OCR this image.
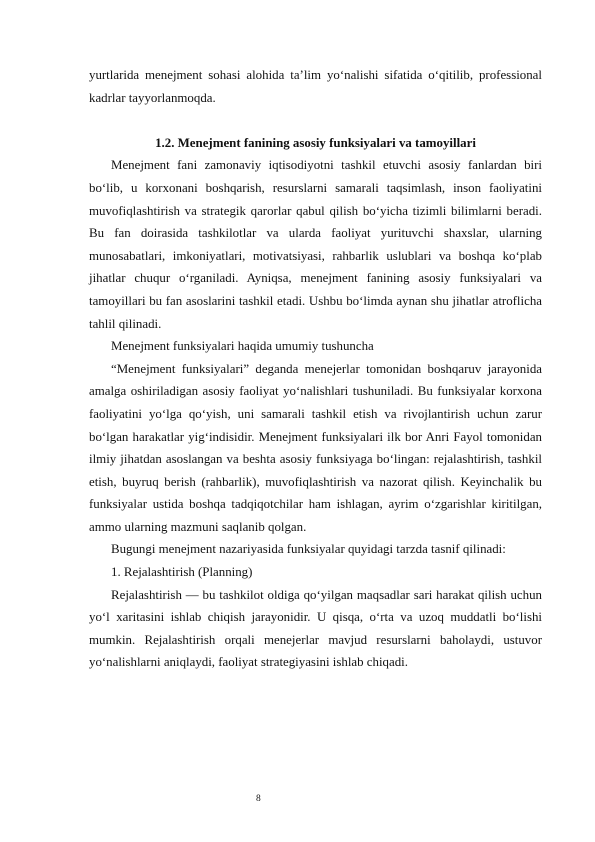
yurtlarida menejment sohasi alohida ta’lim yo‘nalishi sifatida o‘qitilib, professional kadrlar tayyorlanmoqda.

1.2. Menejment fanining asosiy funksiyalari va tamoyillari

Menejment fani zamonaviy iqtisodiyotni tashkil etuvchi asosiy fanlardan biri bo‘lib, u korxonani boshqarish, resurslarni samarali taqsimlash, inson faoliyatini muvofiqlashtirish va strategik qarorlar qabul qilish bo‘yicha tizimli bilimlarni beradi. Bu fan doirasida tashkilotlar va ularda faoliyat yurituvchi shaxslar, ularning munosabatlari, imkoniyatlari, motivatsiyasi, rahbarlik uslublari va boshqa ko‘plab jihatlar chuqur o‘rganiladi. Ayniqsa, menejment fanining asosiy funksiyalari va tamoyillari bu fan asoslarini tashkil etadi. Ushbu bo‘limda aynan shu jihatlar atroflicha tahlil qilinadi.

Menejment funksiyalari haqida umumiy tushuncha

“Menejment funksiyalari” deganda menejerlar tomonidan boshqaruv jarayonida amalga oshiriladigan asosiy faoliyat yo‘nalishlari tushuniladi. Bu funksiyalar korxona faoliyatini yo‘lga qo‘yish, uni samarali tashkil etish va rivojlantirish uchun zarur bo‘lgan harakatlar yig‘indisidir. Menejment funksiyalari ilk bor Anri Fayol tomonidan ilmiy jihatdan asoslangan va beshta asosiy funksiyaga bo‘lingan: rejalashtirish, tashkil etish, buyruq berish (rahbarlik), muvofiqlashtirish va nazorat qilish. Keyinchalik bu funksiyalar ustida boshqa tadqiqotchilar ham ishlagan, ayrim o‘zgarishlar kiritilgan, ammo ularning mazmuni saqlanib qolgan.

Bugungi menejment nazariyasida funksiyalar quyidagi tarzda tasnif qilinadi:

1. Rejalashtirish (Planning)

Rejalashtirish — bu tashkilot oldiga qo‘yilgan maqsadlar sari harakat qilish uchun yo‘l xaritasini ishlab chiqish jarayonidir. U qisqa, o‘rta va uzoq muddatli bo‘lishi mumkin. Rejalashtirish orqali menejerlar mavjud resurslarni baholaydi, ustuvor yo‘nalishlarni aniqlaydi, faoliyat strategiyasini ishlab chiqadi.

8
